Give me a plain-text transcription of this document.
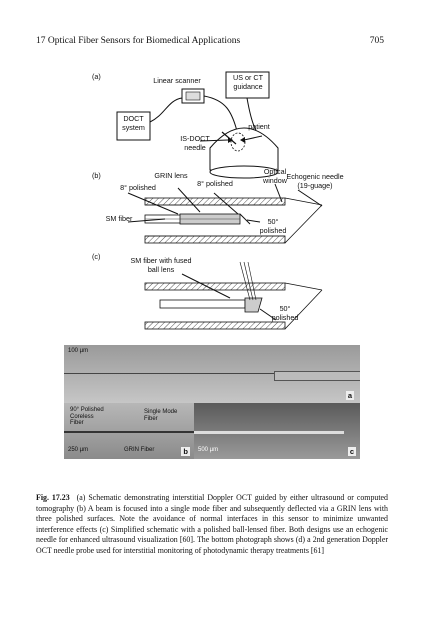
17 Optical Fiber Sensors for Biomedical Applications	705
(a)
(b)
(c)
Linear scanner	US or CT guidance
DOCT system	patient
IS-DOCT needle
GRIN lens
8° polished	8° polished
Optical window Echogenic needle (19-guage)
SM fiber	50° polished
SM fiber with fused ball lens
50° polished
100 µm
a
90° Polished Coreless Fiber
Single Mode Fiber
GRIN Fiber
250 µm	b	500 µm	c
Fig. 17.23 (a) Schematic demonstrating interstitial Doppler OCT guided by either ultrasound or computed tomography (b) A beam is focused into a single mode fiber and subsequently deflected via a GRIN lens with three polished surfaces. Note the avoidance of normal interfaces in this sensor to minimize unwanted interference effects (c) Simplified schematic with a polished ball-lensed fiber. Both designs use an echogenic needle for enhanced ultrasound visualization [60]. The bottom photograph shows (d) a 2nd generation Doppler OCT needle probe used for interstitial monitoring of photodynamic therapy treatments [61]
